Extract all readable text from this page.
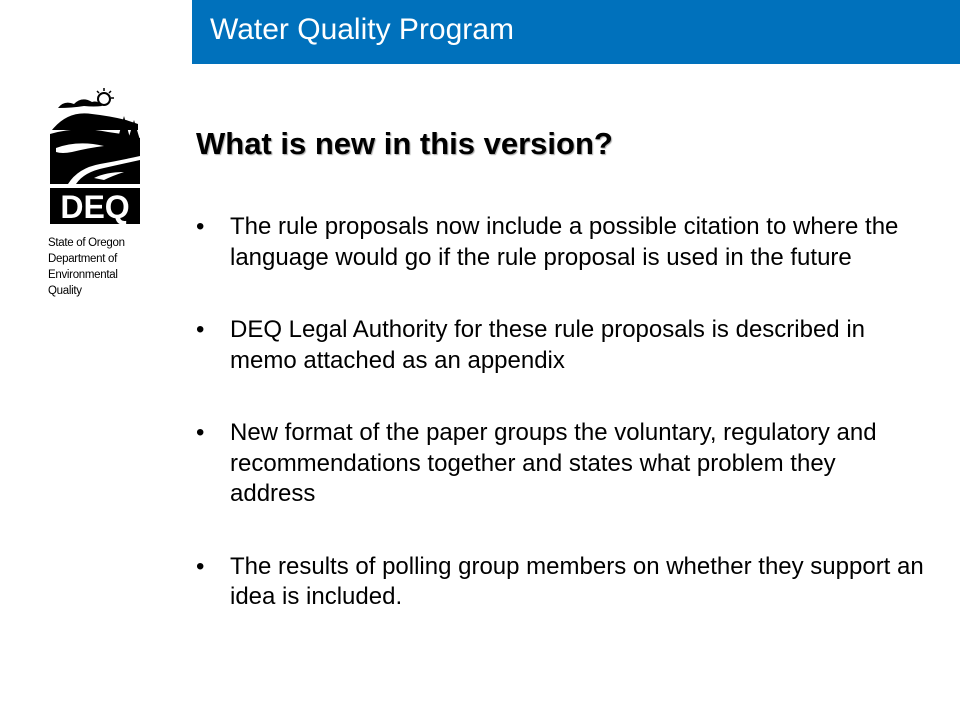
Water Quality Program
DEQ
State of Oregon
Department of
Environmental
Quality
What is new in this version?
•	The rule proposals now include a possible citation to where the language would go if the rule proposal is used in the future
•	DEQ Legal Authority for these rule proposals is described in memo attached as an appendix
•	New format of the paper groups the voluntary, regulatory and recommendations together and states what problem they address
•	The results of polling group members on whether they support an idea is included.
